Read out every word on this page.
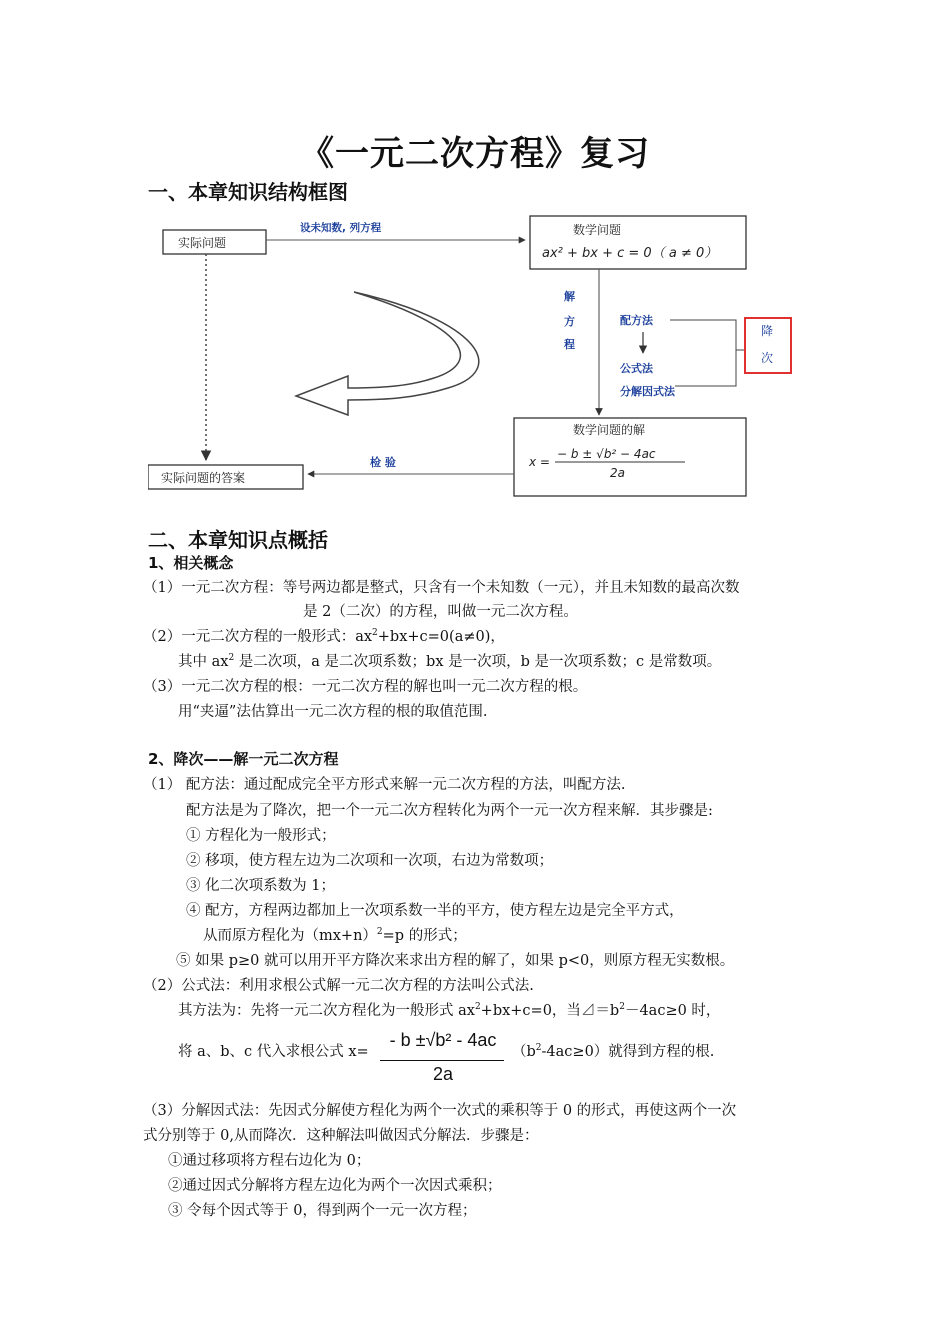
《一元二次方程》复习
一、本章知识结构框图
实际问题
设未知数, 列方程	数学问题
ax² + bx + c = 0（ a ≠ 0）
解
方
程
配方法
公式法
分解因式法
降
次
数学问题的解
x =
− b ± √b² − 4ac
2a
检 验
实际问题的答案
二、本章知识点概括
1、相关概念
（1）一元二次方程：等号两边都是整式，只含有一个未知数（一元），并且未知数的最高次数
是 2（二次）的方程，叫做一元二次方程。
（2）一元二次方程的一般形式：$ax^2+bx+c=0(a\ne 0)$，
其中 $ax^2$ 是二次项，a 是二次项系数；bx 是一次项，b 是一次项系数；c 是常数项。
（3）一元二次方程的根：一元二次方程的解也叫一元二次方程的根。
用“夹逼”法估算出一元二次方程的根的取值范围.
2、降次——解一元二次方程
（1） 配方法：通过配成完全平方形式来解一元二次方程的方法，叫配方法.
配方法是为了降次，把一个一元二次方程转化为两个一元一次方程来解．其步骤是:
① 方程化为一般形式；
② 移项，使方程左边为二次项和一次项，右边为常数项；
③ 化二次项系数为 1；
④ 配方，方程两边都加上一次项系数一半的平方，使方程左边是完全平方式，
从而原方程化为$(mx+n)^2=p$ 的形式；
⑤ 如果 p≥0 就可以用开平方降次来求出方程的解了，如果 p<0，则原方程无实数根。
（2）公式法：利用求根公式解一元二次方程的方法叫公式法.
其方法为：先将一元二次方程化为一般形式 $ax^2+bx+c=0$，当$⊿=b^2-4ac\ge 0$ 时，
将 a、b、c 代入求根公式 x=
- b ±√b² - 4ac
2a
$(b^2-4ac\ge 0)$就得到方程的根.
（3）分解因式法：先因式分解使方程化为两个一次式的乘积等于 0 的形式，再使这两个一次
式分别等于 0,从而降次．这种解法叫做因式分解法．步骤是：
①通过移项将方程右边化为 0；
②通过因式分解将方程左边化为两个一次因式乘积；
③ 令每个因式等于 0，得到两个一元一次方程；
